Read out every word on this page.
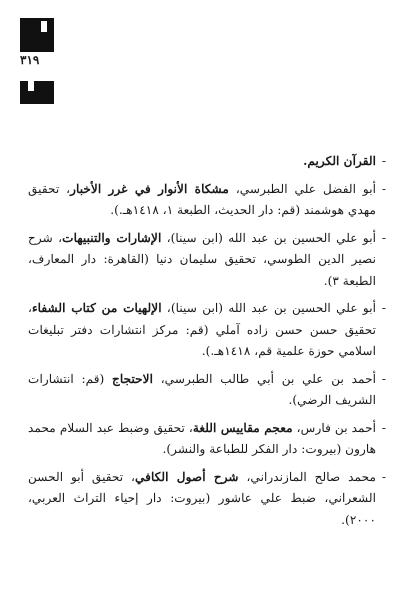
٣١٩
-
القرآن الكريم.
-
أبو الفضل علي الطبرسي، مشكاة الأنوار في غرر الأخبار، تحقيق مهدي هوشمند (قم: دار الحديث، الطبعة ١، ١٤١٨هـ.).
-
أبو علي الحسين بن عبد الله (ابن سينا)، الإشارات والتنبيهات، شرح نصير الدين الطوسي، تحقيق سليمان دنيا (القاهرة: دار المعارف، الطبعة ٣).
-
أبو علي الحسين بن عبد الله (ابن سينا)، الإلهيات من كتاب الشفاء، تحقيق حسن حسن زاده آملي (قم: مركز انتشارات دفتر تبليغات اسلامي حوزة علمية قم، ١٤١٨هـ.).
-
أحمد بن علي بن أبي طالب الطبرسي، الاحتجاج (قم: انتشارات الشريف الرضي).
-
أحمد بن فارس، معجم مقاييس اللغة، تحقيق وضبط عبد السلام محمد هارون (بيروت: دار الفكر للطباعة والنشر).
-
محمد صالح المازندراني، شرح أصول الكافي، تحقيق أبو الحسن الشعراني، ضبط علي عاشور (بيروت: دار إحياء التراث العربي، ٢٠٠٠).
